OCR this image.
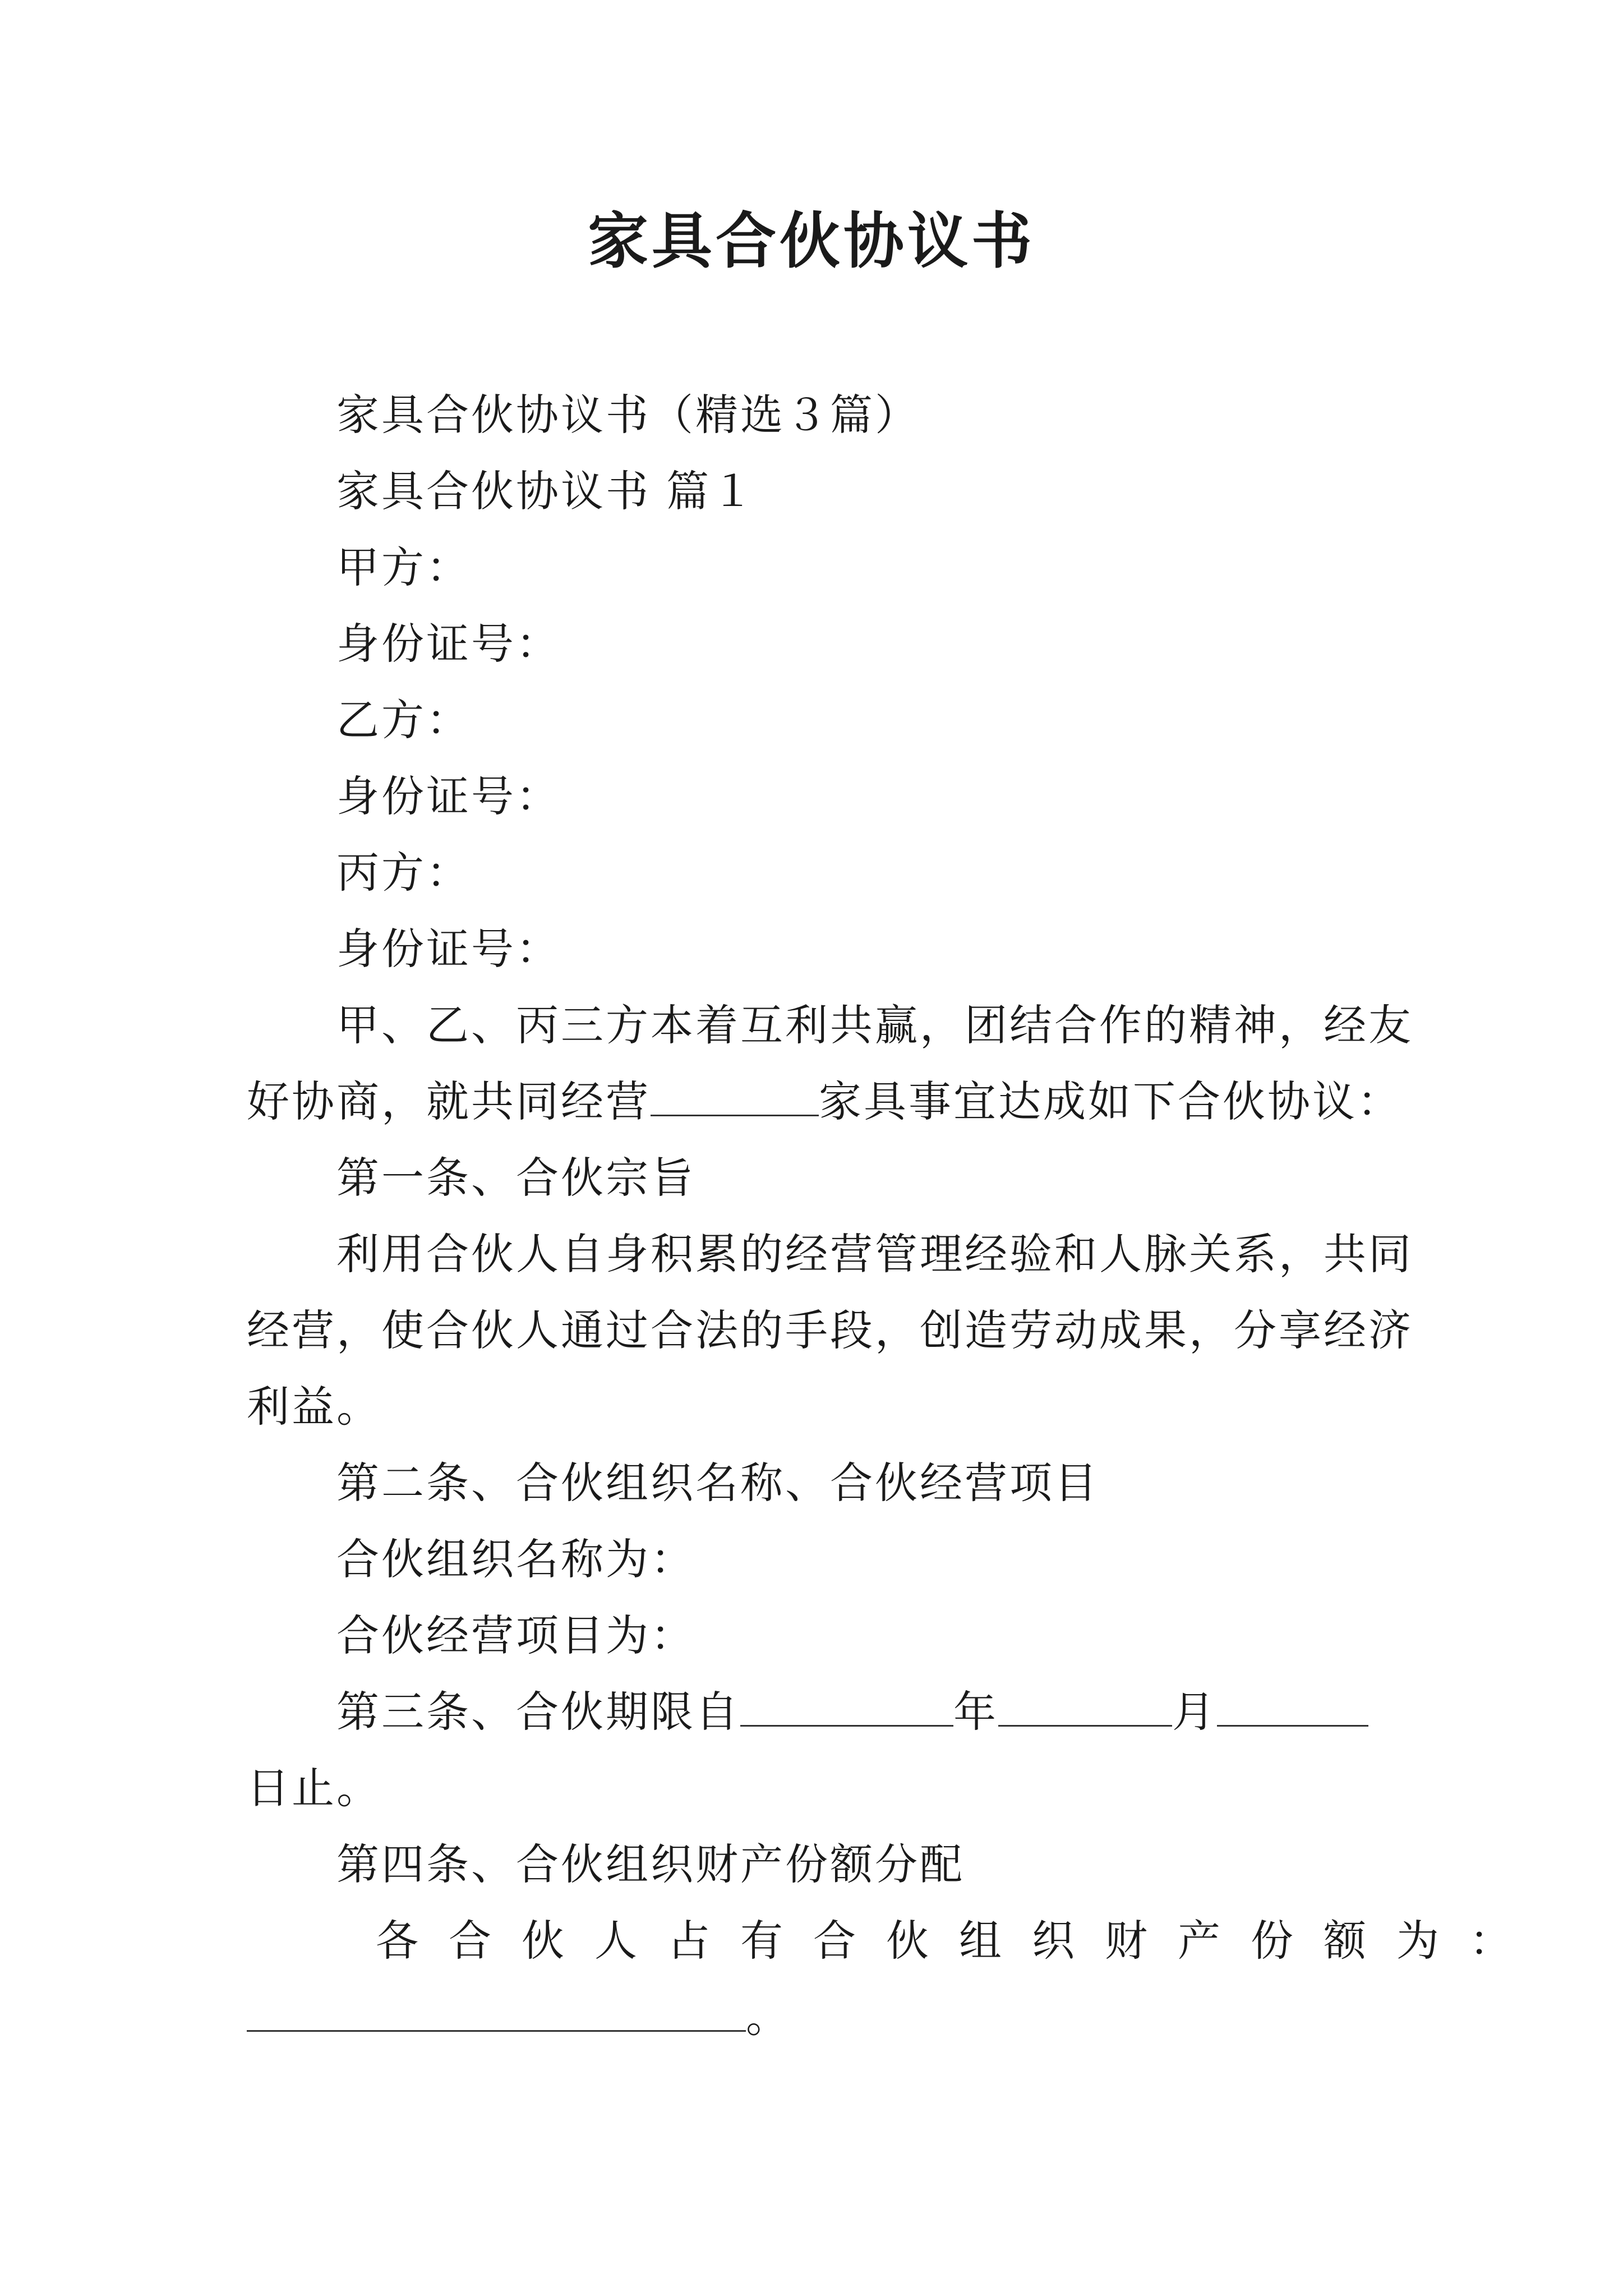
家具合伙协议书
家具合伙协议书（精选３篇）
家具合伙协议书 篇１
甲方：
身份证号：
乙方：
身份证号：
丙方：
身份证号：
甲、乙、丙三方本着互利共赢，团结合作的精神，经友
好协商，就共同经营	家具事宜达成如下合伙协议：
第一条、合伙宗旨
利用合伙人自身积累的经营管理经验和人脉关系，共同
经营，使合伙人通过合法的手段，创造劳动成果，分享经济
利益。
第二条、合伙组织名称、合伙经营项目
合伙组织名称为：
合伙经营项目为：
第三条、合伙期限自	年	月
日止。
第四条、合伙组织财产份额分配
各合伙人占有合伙组织财产份额为：
。
